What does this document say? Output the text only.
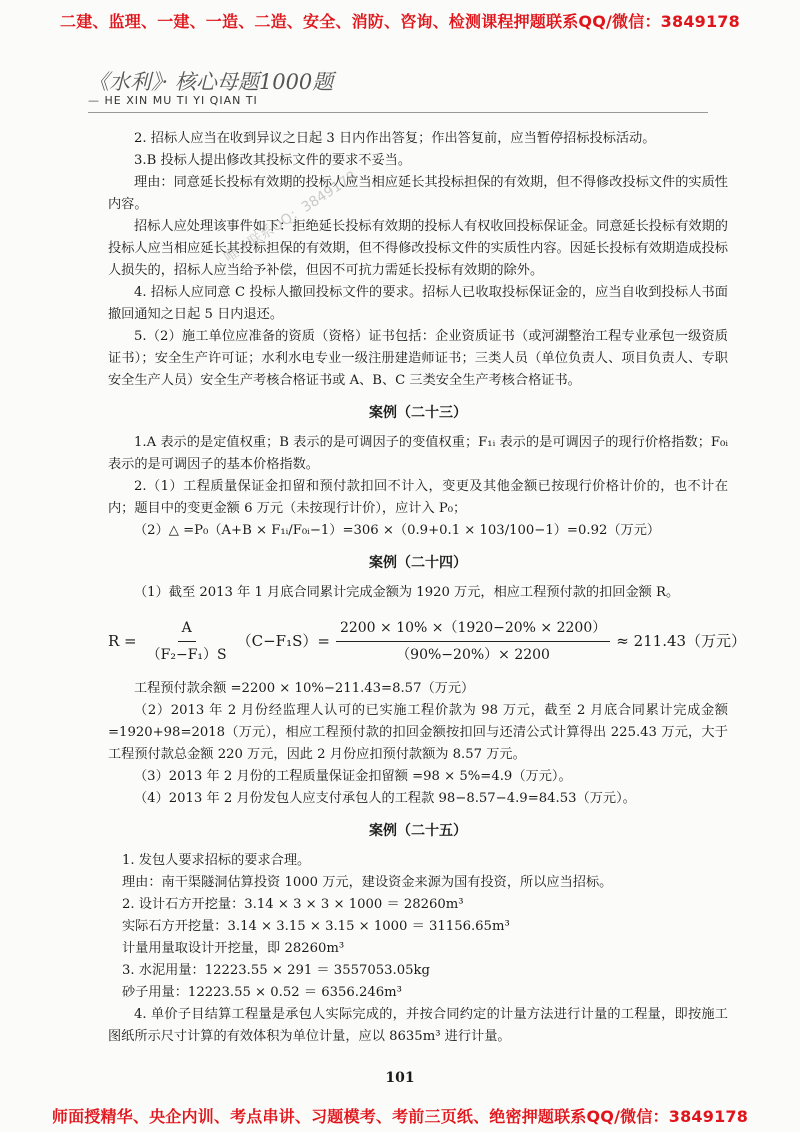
二建、监理、一建、一造、二造、安全、消防、咨询、检测课程押题联系QQ/微信：3849178
《水利》· 核心母题1000题
— HE XIN MU TI YI QIAN TI
唯一联系QQ：3849178

2. 招标人应当在收到异议之日起 3 日内作出答复；作出答复前，应当暂停招标投标活动。

3.B 投标人提出修改其投标文件的要求不妥当。

理由：同意延长投标有效期的投标人应当相应延长其投标担保的有效期，但不得修改投标文件的实质性内容。

招标人应处理该事件如下：拒绝延长投标有效期的投标人有权收回投标保证金。同意延长投标有效期的投标人应当相应延长其投标担保的有效期，但不得修改投标文件的实质性内容。因延长投标有效期造成投标人损失的，招标人应当给予补偿，但因不可抗力需延长投标有效期的除外。

4. 招标人应同意 C 投标人撤回投标文件的要求。招标人已收取投标保证金的，应当自收到投标人书面撤回通知之日起 5 日内退还。

5.（2）施工单位应准备的资质（资格）证书包括：企业资质证书（或河湖整治工程专业承包一级资质证书）；安全生产许可证；水利水电专业一级注册建造师证书；三类人员（单位负责人、项目负责人、专职安全生产人员）安全生产考核合格证书或 A、B、C 三类安全生产考核合格证书。

案例（二十三）

1.A 表示的是定值权重；B 表示的是可调因子的变值权重；F₁ᵢ 表示的是可调因子的现行价格指数；F₀ᵢ 表示的是可调因子的基本价格指数。

2.（1）工程质量保证金扣留和预付款扣回不计入，变更及其他金额已按现行价格计价的，也不计在内；题目中的变更金额 6 万元（未按现行计价），应计入 P₀；

（2）△ =P₀（A+B × F₁ᵢ/F₀ᵢ−1）=306 ×（0.9+0.1 × 103/100−1）=0.92（万元）

案例（二十四）

（1）截至 2013 年 1 月底合同累计完成金额为 1920 万元，相应工程预付款的扣回金额 R。

$R = \frac{A}{\text{（F₂−F₁）S}} (C-F_1S)= \frac{2200 \times 10\% \times(1920-20\% \times 2200)}{(90\%-20\%)\times 2200} \approx 211.43$（万元）

工程预付款余额 =2200 × 10%−211.43=8.57（万元）

（2）2013 年 2 月份经监理人认可的已实施工程价款为 98 万元，截至 2 月底合同累计完成金额 =1920+98=2018（万元），相应工程预付款的扣回金额按扣回与还清公式计算得出 225.43 万元，大于工程预付款总金额 220 万元，因此 2 月份应扣预付款额为 8.57 万元。

（3）2013 年 2 月份的工程质量保证金扣留额 =98 × 5%=4.9（万元）。

（4）2013 年 2 月份发包人应支付承包人的工程款 98−8.57−4.9=84.53（万元）。

案例（二十五）

1. 发包人要求招标的要求合理。

理由：南干渠隧洞估算投资 1000 万元，建设资金来源为国有投资，所以应当招标。

2. 设计石方开挖量：3.14 × 3 × 3 × 1000 ＝ 28260m³

实际石方开挖量：3.14 × 3.15 × 3.15 × 1000 ＝ 31156.65m³

计量用量取设计开挖量，即 28260m³

3. 水泥用量：12223.55 × 291 ＝ 3557053.05kg

砂子用量：12223.55 × 0.52 ＝ 6356.246m³

4. 单价子目结算工程量是承包人实际完成的，并按合同约定的计量方法进行计量的工程量，即按施工图纸所示尺寸计算的有效体积为单位计量，应以 8635m³ 进行计量。

101
师面授精华、央企内训、考点串讲、习题模考、考前三页纸、绝密押题联系QQ/微信：3849178
